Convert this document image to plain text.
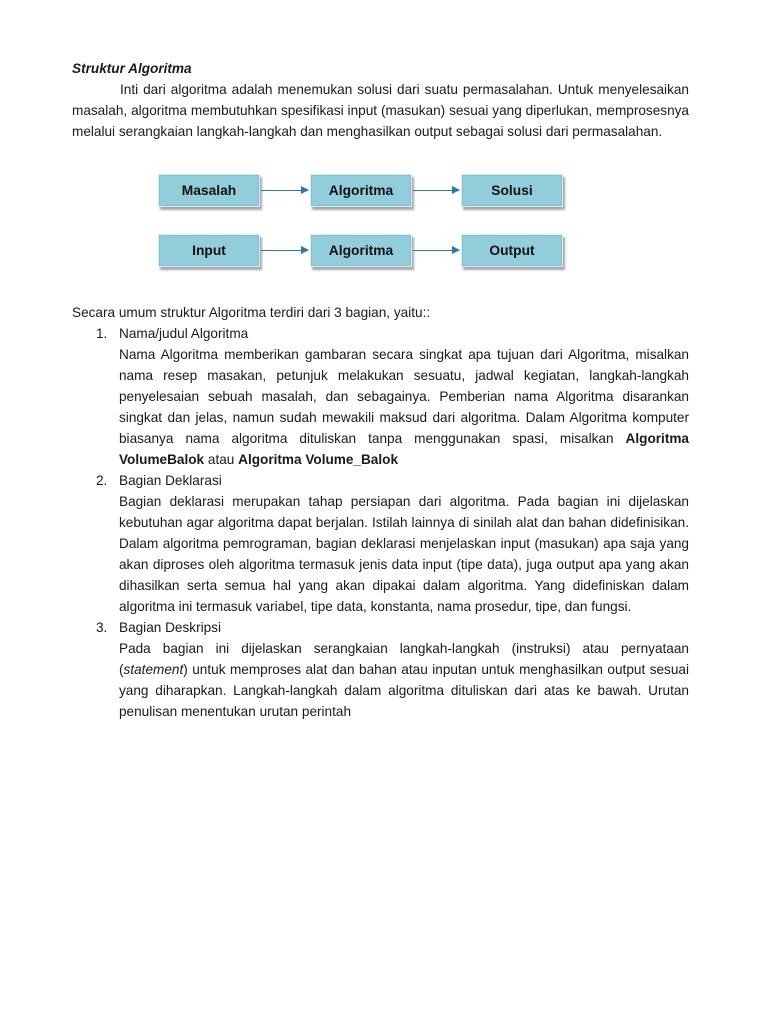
Struktur Algoritma

Inti dari algoritma adalah menemukan solusi dari suatu permasalahan. Untuk menyelesaikan masalah, algoritma membutuhkan spesifikasi input (masukan) sesuai yang diperlukan, memprosesnya melalui serangkaian langkah-langkah dan menghasilkan output sebagai solusi dari permasalahan.

Masalah	Algoritma	Solusi
Input	Algoritma	Output

Secara umum struktur Algoritma terdiri dari 3 bagian, yaitu::

1. Nama/judul Algoritma

Nama Algoritma memberikan gambaran secara singkat apa tujuan dari Algoritma, misalkan nama resep masakan, petunjuk melakukan sesuatu, jadwal kegiatan, langkah-langkah penyelesaian sebuah masalah, dan sebagainya. Pemberian nama Algoritma disarankan singkat dan jelas, namun sudah mewakili maksud dari algoritma. Dalam Algoritma komputer biasanya nama algoritma dituliskan tanpa menggunakan spasi, misalkan Algoritma VolumeBalok atau Algoritma Volume_Balok

2. Bagian Deklarasi

Bagian deklarasi merupakan tahap persiapan dari algoritma. Pada bagian ini dijelaskan kebutuhan agar algoritma dapat berjalan. Istilah lainnya di sinilah alat dan bahan didefinisikan. Dalam algoritma pemrograman, bagian deklarasi menjelaskan input (masukan) apa saja yang akan diproses oleh algoritma termasuk jenis data input (tipe data), juga output apa yang akan dihasilkan serta semua hal yang akan dipakai dalam algoritma. Yang didefiniskan dalam algoritma ini termasuk variabel, tipe data, konstanta, nama prosedur, tipe, dan fungsi.

3. Bagian Deskripsi

Pada bagian ini dijelaskan serangkaian langkah-langkah (instruksi) atau pernyataan (statement) untuk memproses alat dan bahan atau inputan untuk menghasilkan output sesuai yang diharapkan. Langkah-langkah dalam algoritma dituliskan dari atas ke bawah. Urutan penulisan menentukan urutan perintah
